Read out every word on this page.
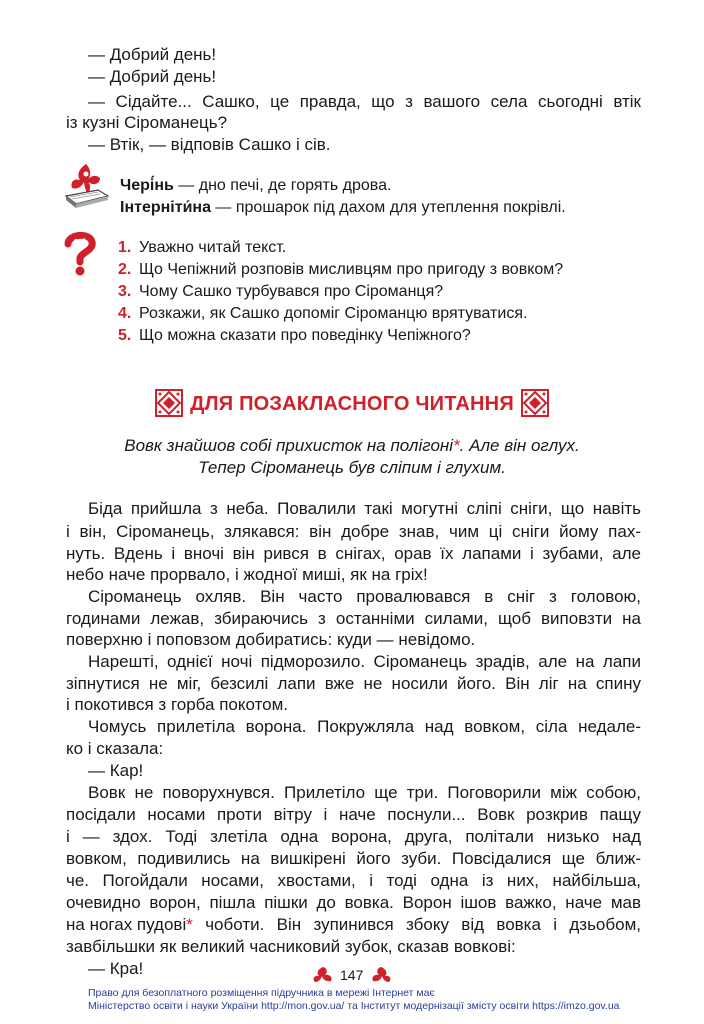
— Добрий день!
— Добрий день!
— Сідайте... Сашко, це правда, що з вашого села сьогодні втік
із кузні Сіроманець?
— Втік, — відповів Сашко і сів.
Чері́нь — дно печі, де горять дрова.
Інтерніти́на — прошарок під дахом для утеплення покрівлі.
1. Уважно читай текст.
2. Що Чепіжний розповів мисливцям про пригоду з вовком?
3. Чому Сашко турбувався про Сіроманця?
4. Розкажи, як Сашко допоміг Сіроманцю врятуватися.
5. Що можна сказати про поведінку Чепіжного?
ДЛЯ ПОЗАКЛАСНОГО ЧИТАННЯ
Вовк знайшов собі прихисток на полігоні*. Але він оглух.
Тепер Сіроманець був сліпим і глухим.
Біда прийшла з неба. Повалили такі могутні сліпі сніги, що навіть
і він, Сіроманець, злякався: він добре знав, чим ці сніги йому пах-
нуть. Вдень і вночі він рився в снігах, орав їх лапами і зубами, але
небо наче прорвало, і жодної миші, як на гріх!
Сіроманець охляв. Він часто провалювався в сніг з головою,
годинами лежав, збираючись з останніми силами, щоб виповзти на
поверхню і поповзом добиратись: куди — невідомо.
Нарешті, однієї ночі підморозило. Сіроманець зрадів, але на лапи
зіпнутися не міг, безсилі лапи вже не носили його. Він ліг на спину
і покотився з горба покотом.
Чомусь прилетіла ворона. Покружляла над вовком, сіла недале-
ко і сказала:
— Кар!
Вовк не поворухнувся. Прилетіло ще три. Поговорили між собою,
посідали носами проти вітру і наче поснули... Вовк розкрив пащу
і — здох. Тоді злетіла одна ворона, друга, політали низько над
вовком, подивились на вишкірені його зуби. Повсідалися ще ближ-
че. Погойдали носами, хвостами, і тоді одна із них, найбільша,
очевидно ворон, пішла пішки до вовка. Ворон ішов важко, наче мав
на ногах пудові * чоботи. Він зупинився збоку від вовка і дзьобом,
завбільшки як великий часниковий зубок, сказав вовкові:
— Кра!	147
Право для безоплатного розміщення підручника в мережі Інтернет має
Міністерство освіти і науки України http://mon.gov.ua/ та Інститут модернізації змісту освіти https://imzo.gov.ua
